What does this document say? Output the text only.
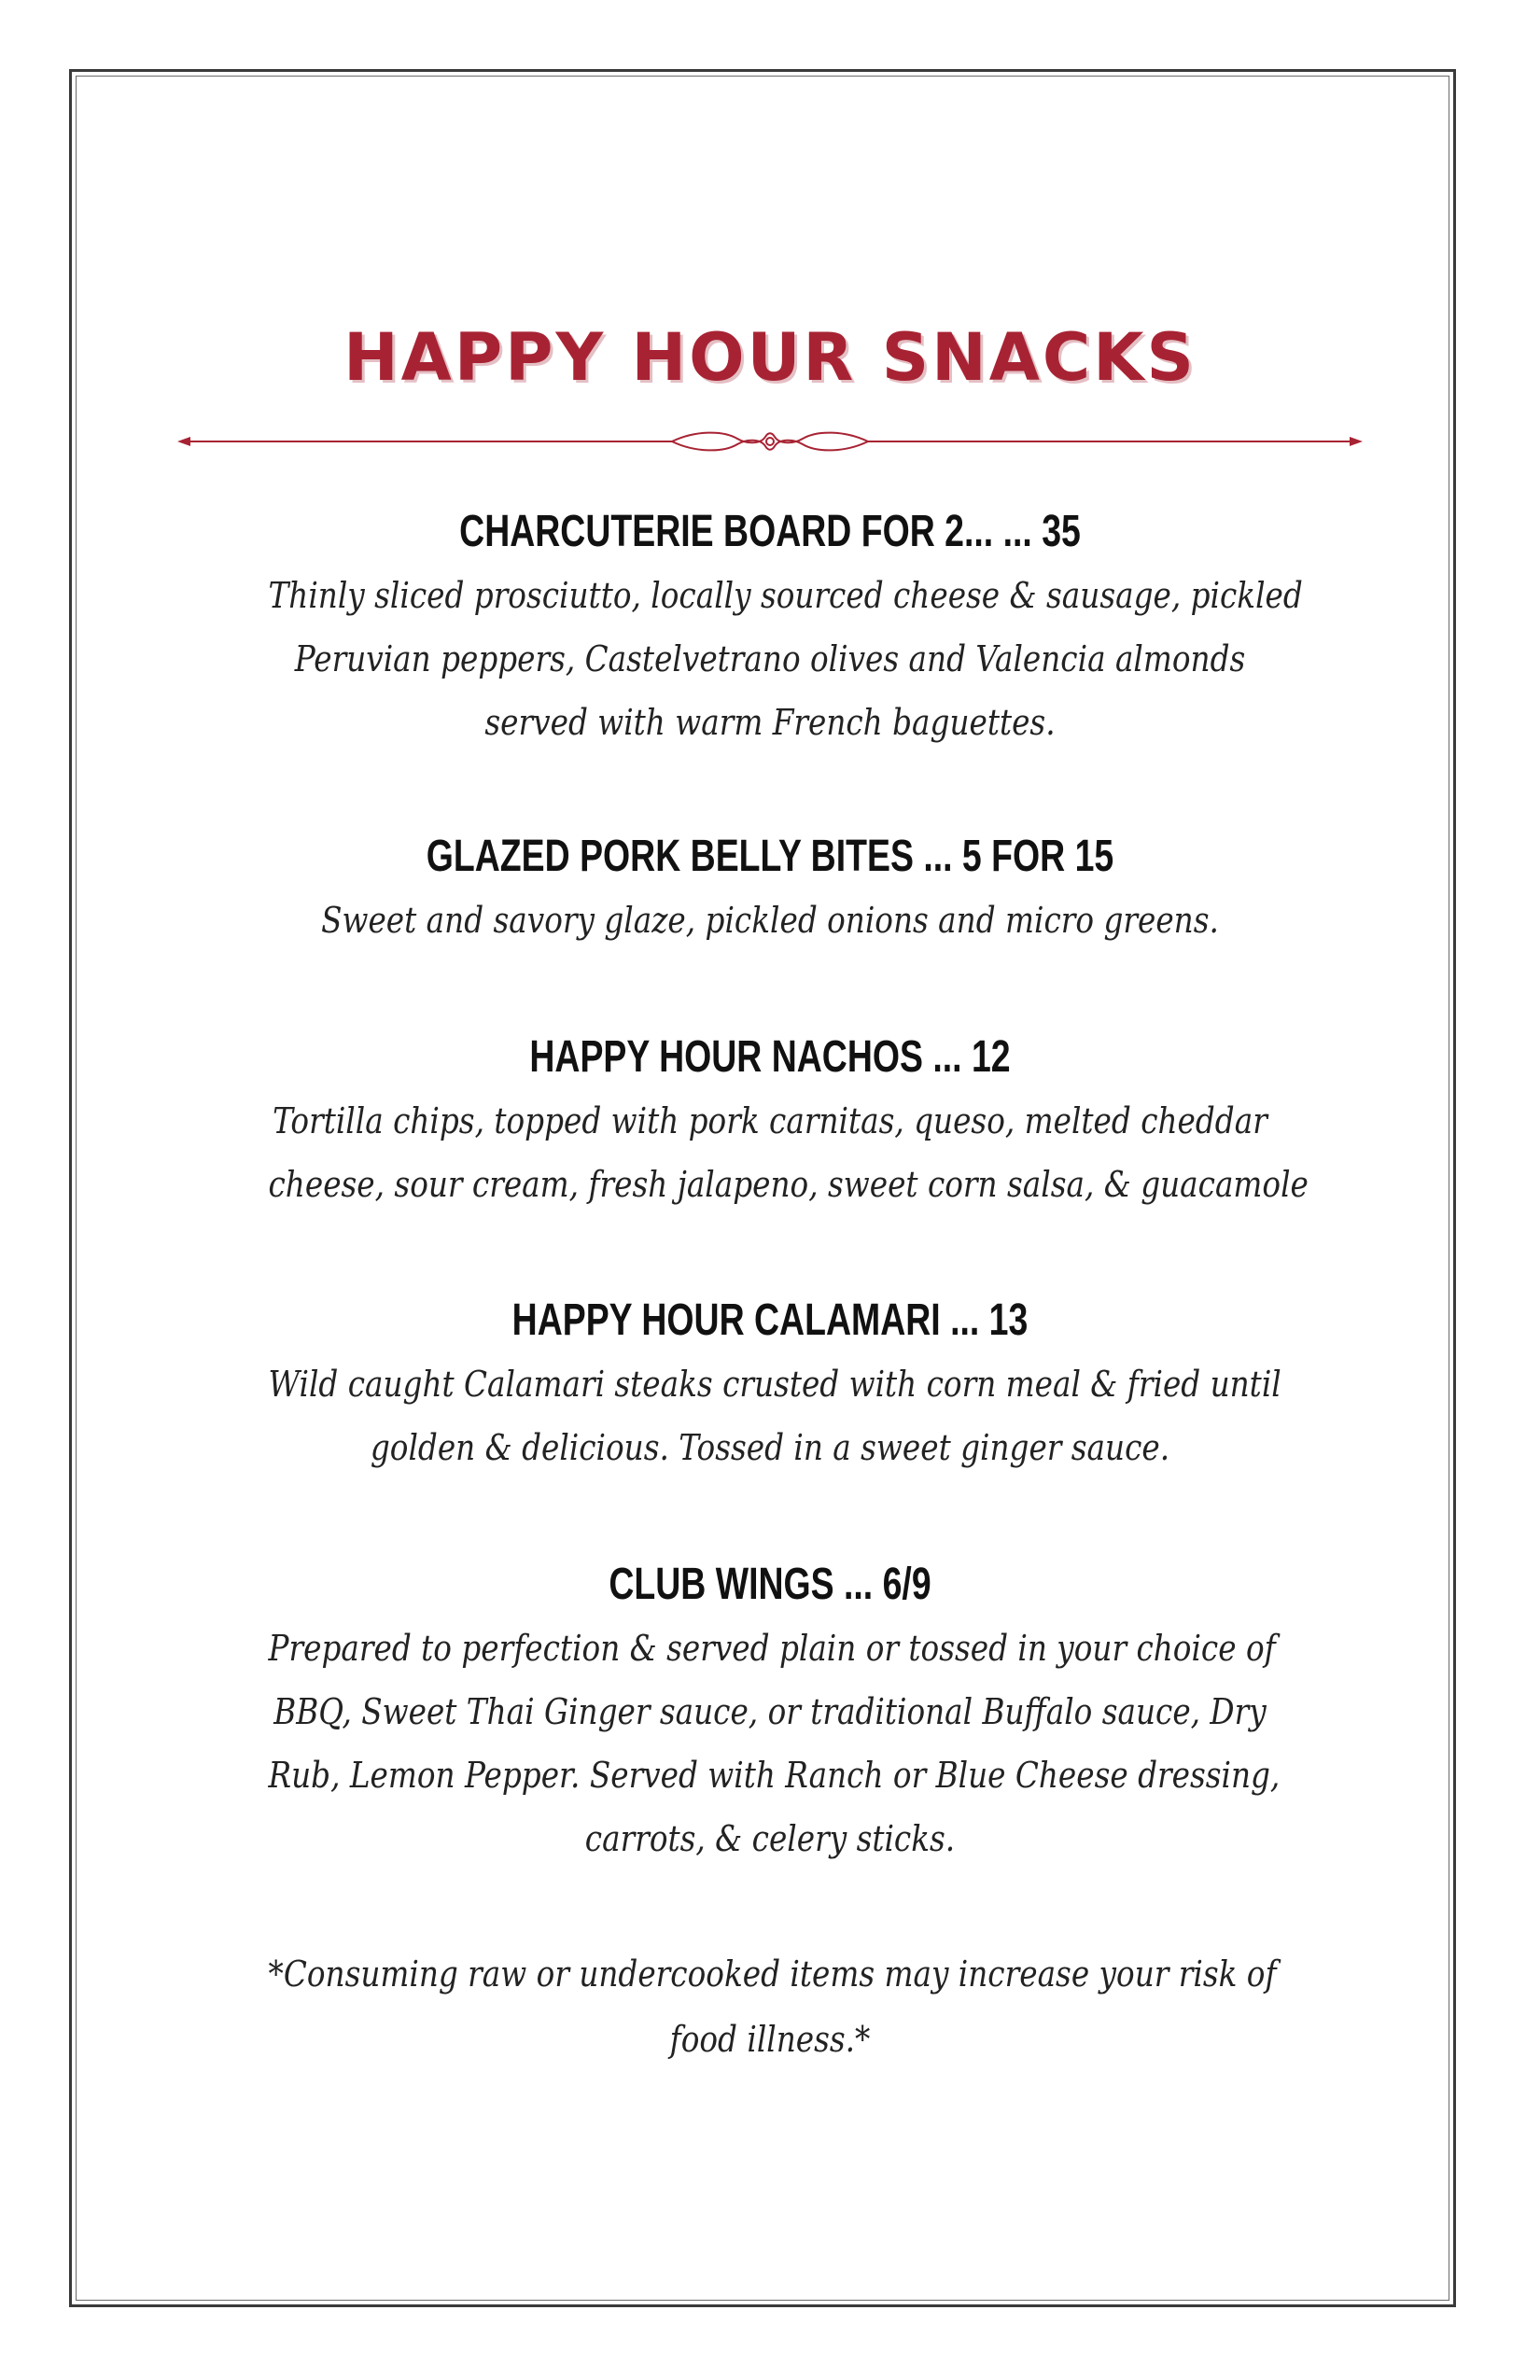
HAPPY HOUR SNACKS
CHARCUTERIE BOARD FOR 2... ... 35
Thinly sliced prosciutto, locally sourced cheese & sausage, pickled
Peruvian peppers, Castelvetrano olives and Valencia almonds
served with warm French baguettes.
GLAZED PORK BELLY BITES ... 5 FOR 15
Sweet and savory glaze, pickled onions and micro greens.
HAPPY HOUR NACHOS ... 12
Tortilla chips, topped with pork carnitas, queso, melted cheddar
cheese, sour cream, fresh jalapeno, sweet corn salsa, & guacamole
HAPPY HOUR CALAMARI ... 13
Wild caught Calamari steaks crusted with corn meal & fried until
golden & delicious. Tossed in a sweet ginger sauce.
CLUB WINGS ... 6/9
Prepared to perfection & served plain or tossed in your choice of
BBQ, Sweet Thai Ginger sauce, or traditional Buffalo sauce, Dry
Rub, Lemon Pepper. Served with Ranch or Blue Cheese dressing,
carrots, & celery sticks.
*Consuming raw or undercooked items may increase your risk of
food illness.*
